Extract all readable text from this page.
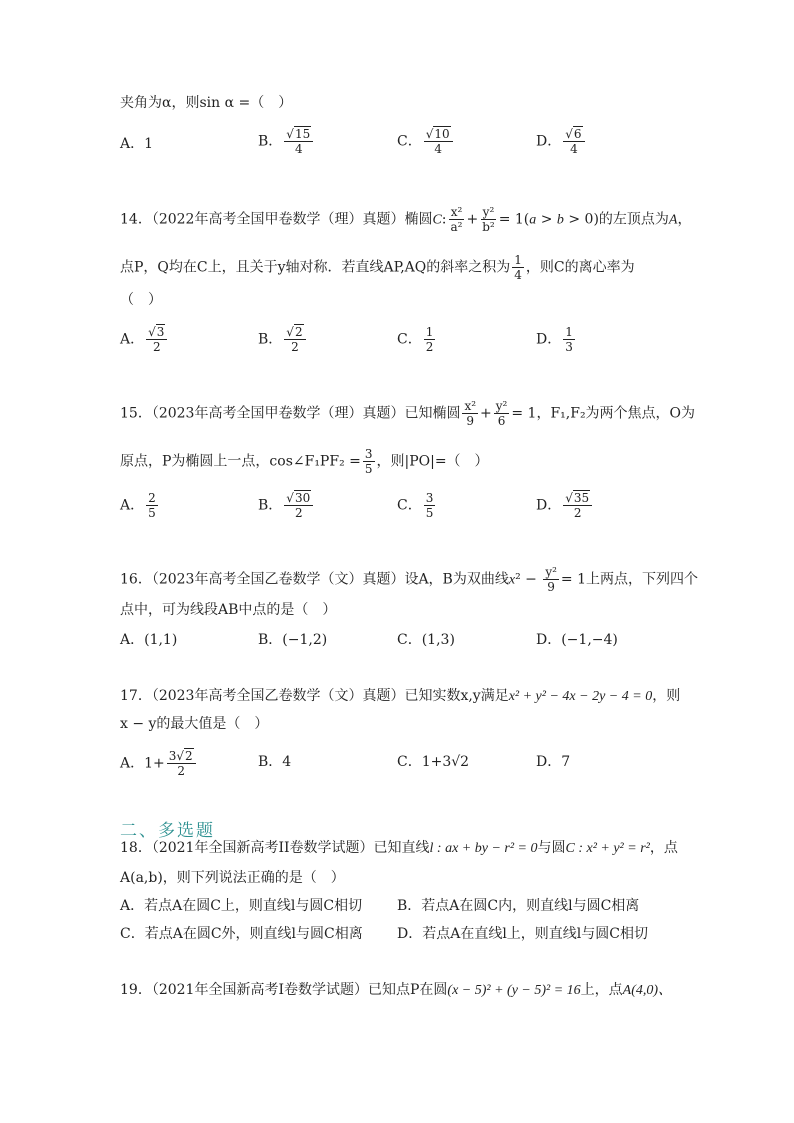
夹角为α，则sin α =（　）
A．1	B． $\frac{√15}{4}$	C． $\frac{√10}{4}$	D． $\frac{√6}{4}$
14．（2022年高考全国甲卷数学（理）真题）椭圆C: $\frac{\text{x²}}{\text{a²}} + \frac{\text{y²}}{\text{b²}} = 1(a > b > 0)$的左顶点为A，
点P，Q均在C上，且关于y轴对称．若直线AP,AQ的斜率之积为 $\frac{1}{4}$ ，则C的离心率为
（　）
A． $\frac{√3}{2}$	B． $\frac{√2}{2}$	C． $\frac{1}{2}$	D． $\frac{1}{3}$
15．（2023年高考全国甲卷数学（理）真题）已知椭圆 $\frac{\text{x²}}{9} + \frac{\text{y²}}{6} = 1$，F₁,F₂为两个焦点，O为
原点，P为椭圆上一点，cos∠F₁PF₂ = $\frac{3}{5}$ ，则|PO|=（　）
A． $\frac{2}{5}$	B． $\frac{√30}{2}$	C． $\frac{3}{5}$	D． $\frac{√35}{2}$
16．（2023年高考全国乙卷数学（文）真题）设A，B为双曲线$x^2 - \frac{\text{y²}}{9} = 1$上两点，下列四个
点中，可为线段AB中点的是（　）
A．(1,1)	B．(−1,2)	C．(1,3)	D．(−1,−4)
17．（2023年高考全国乙卷数学（文）真题）已知实数x,y满足x² + y² − 4x − 2y − 4 = 0，则
x − y的最大值是（　）
A．$1+ \frac{3√2}{2}$	B．4	C．1+3√2	D．7
二、多选题
18．（2021年全国新高考II卷数学试题）已知直线l : ax + by − r² = 0与圆C : x² + y² = r²，点
A(a,b)，则下列说法正确的是（　）
A．若点A在圆C上，则直线l与圆C相切 B．若点A在圆C内，则直线l与圆C相离
C．若点A在圆C外，则直线l与圆C相离 D．若点A在直线l上，则直线l与圆C相切
19．（2021年全国新高考I卷数学试题）已知点P在圆(x − 5)² + (y − 5)² = 16上，点A(4,0)、
